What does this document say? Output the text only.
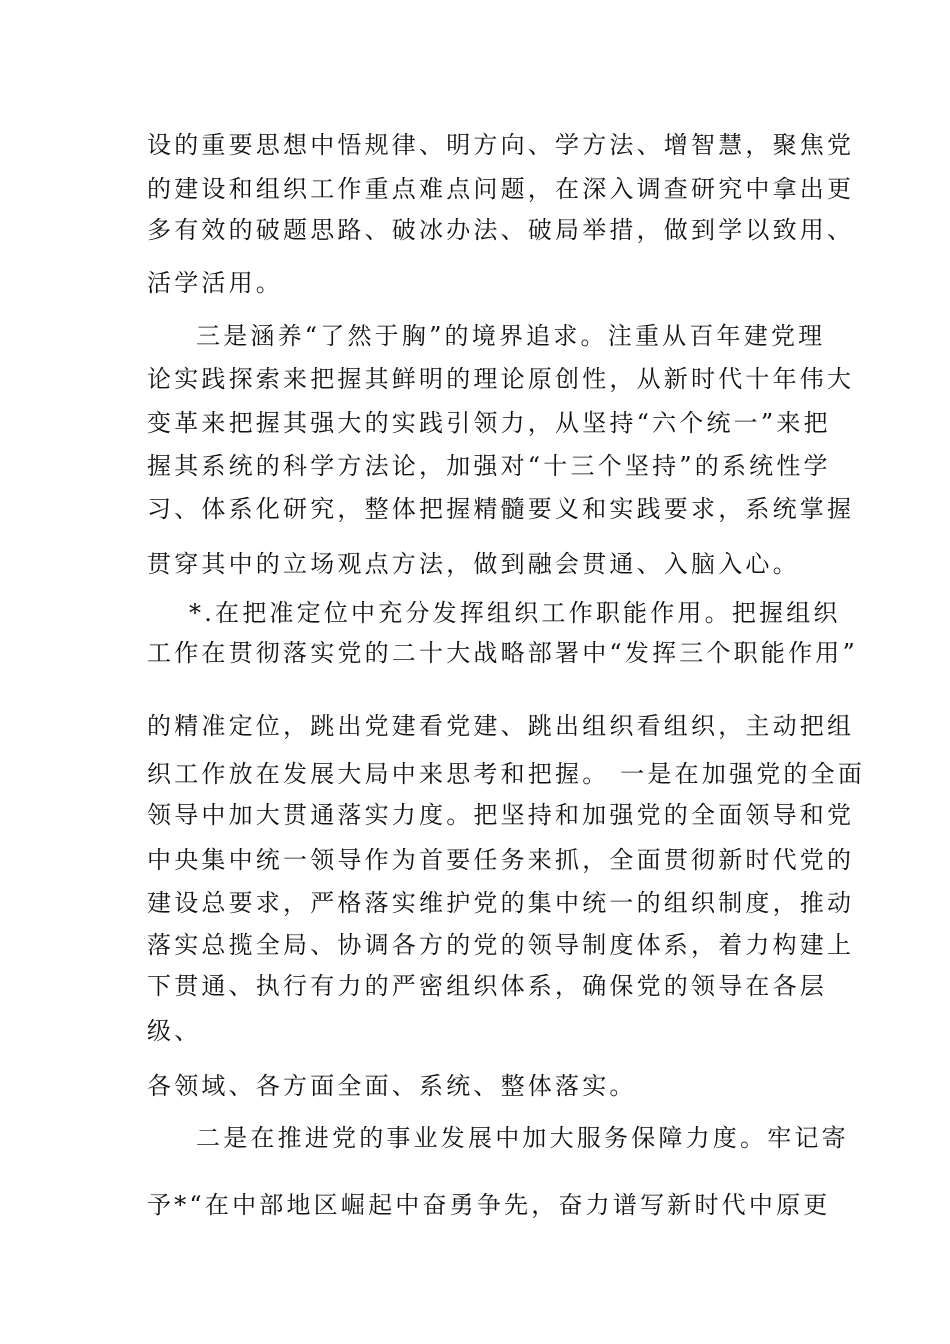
设的重要思想中悟规律、明方向、学方法、增智慧，聚焦党
的建设和组织工作重点难点问题，在深入调查研究中拿出更
多有效的破题思路、破冰办法、破局举措，做到学以致用、
活学活用。
三是涵养“了然于胸”的境界追求。注重从百年建党理
论实践探索来把握其鲜明的理论原创性，从新时代十年伟大
变革来把握其强大的实践引领力，从坚持“六个统一”来把
握其系统的科学方法论，加强对“十三个坚持”的系统性学
习、体系化研究，整体把握精髓要义和实践要求，系统掌握
贯穿其中的立场观点方法，做到融会贯通、入脑入心。
*.在把准定位中充分发挥组织工作职能作用。把握组织
工作在贯彻落实党的二十大战略部署中“发挥三个职能作用”
的精准定位，跳出党建看党建、跳出组织看组织，主动把组
织工作放在发展大局中来思考和把握。 一是在加强党的全面
领导中加大贯通落实力度。把坚持和加强党的全面领导和党
中央集中统一领导作为首要任务来抓，全面贯彻新时代党的
建设总要求，严格落实维护党的集中统一的组织制度，推动
落实总揽全局、协调各方的党的领导制度体系，着力构建上
下贯通、执行有力的严密组织体系，确保党的领导在各层
级、
各领域、各方面全面、系统、整体落实。
二是在推进党的事业发展中加大服务保障力度。牢记寄
予*“在中部地区崛起中奋勇争先，奋力谱写新时代中原更
